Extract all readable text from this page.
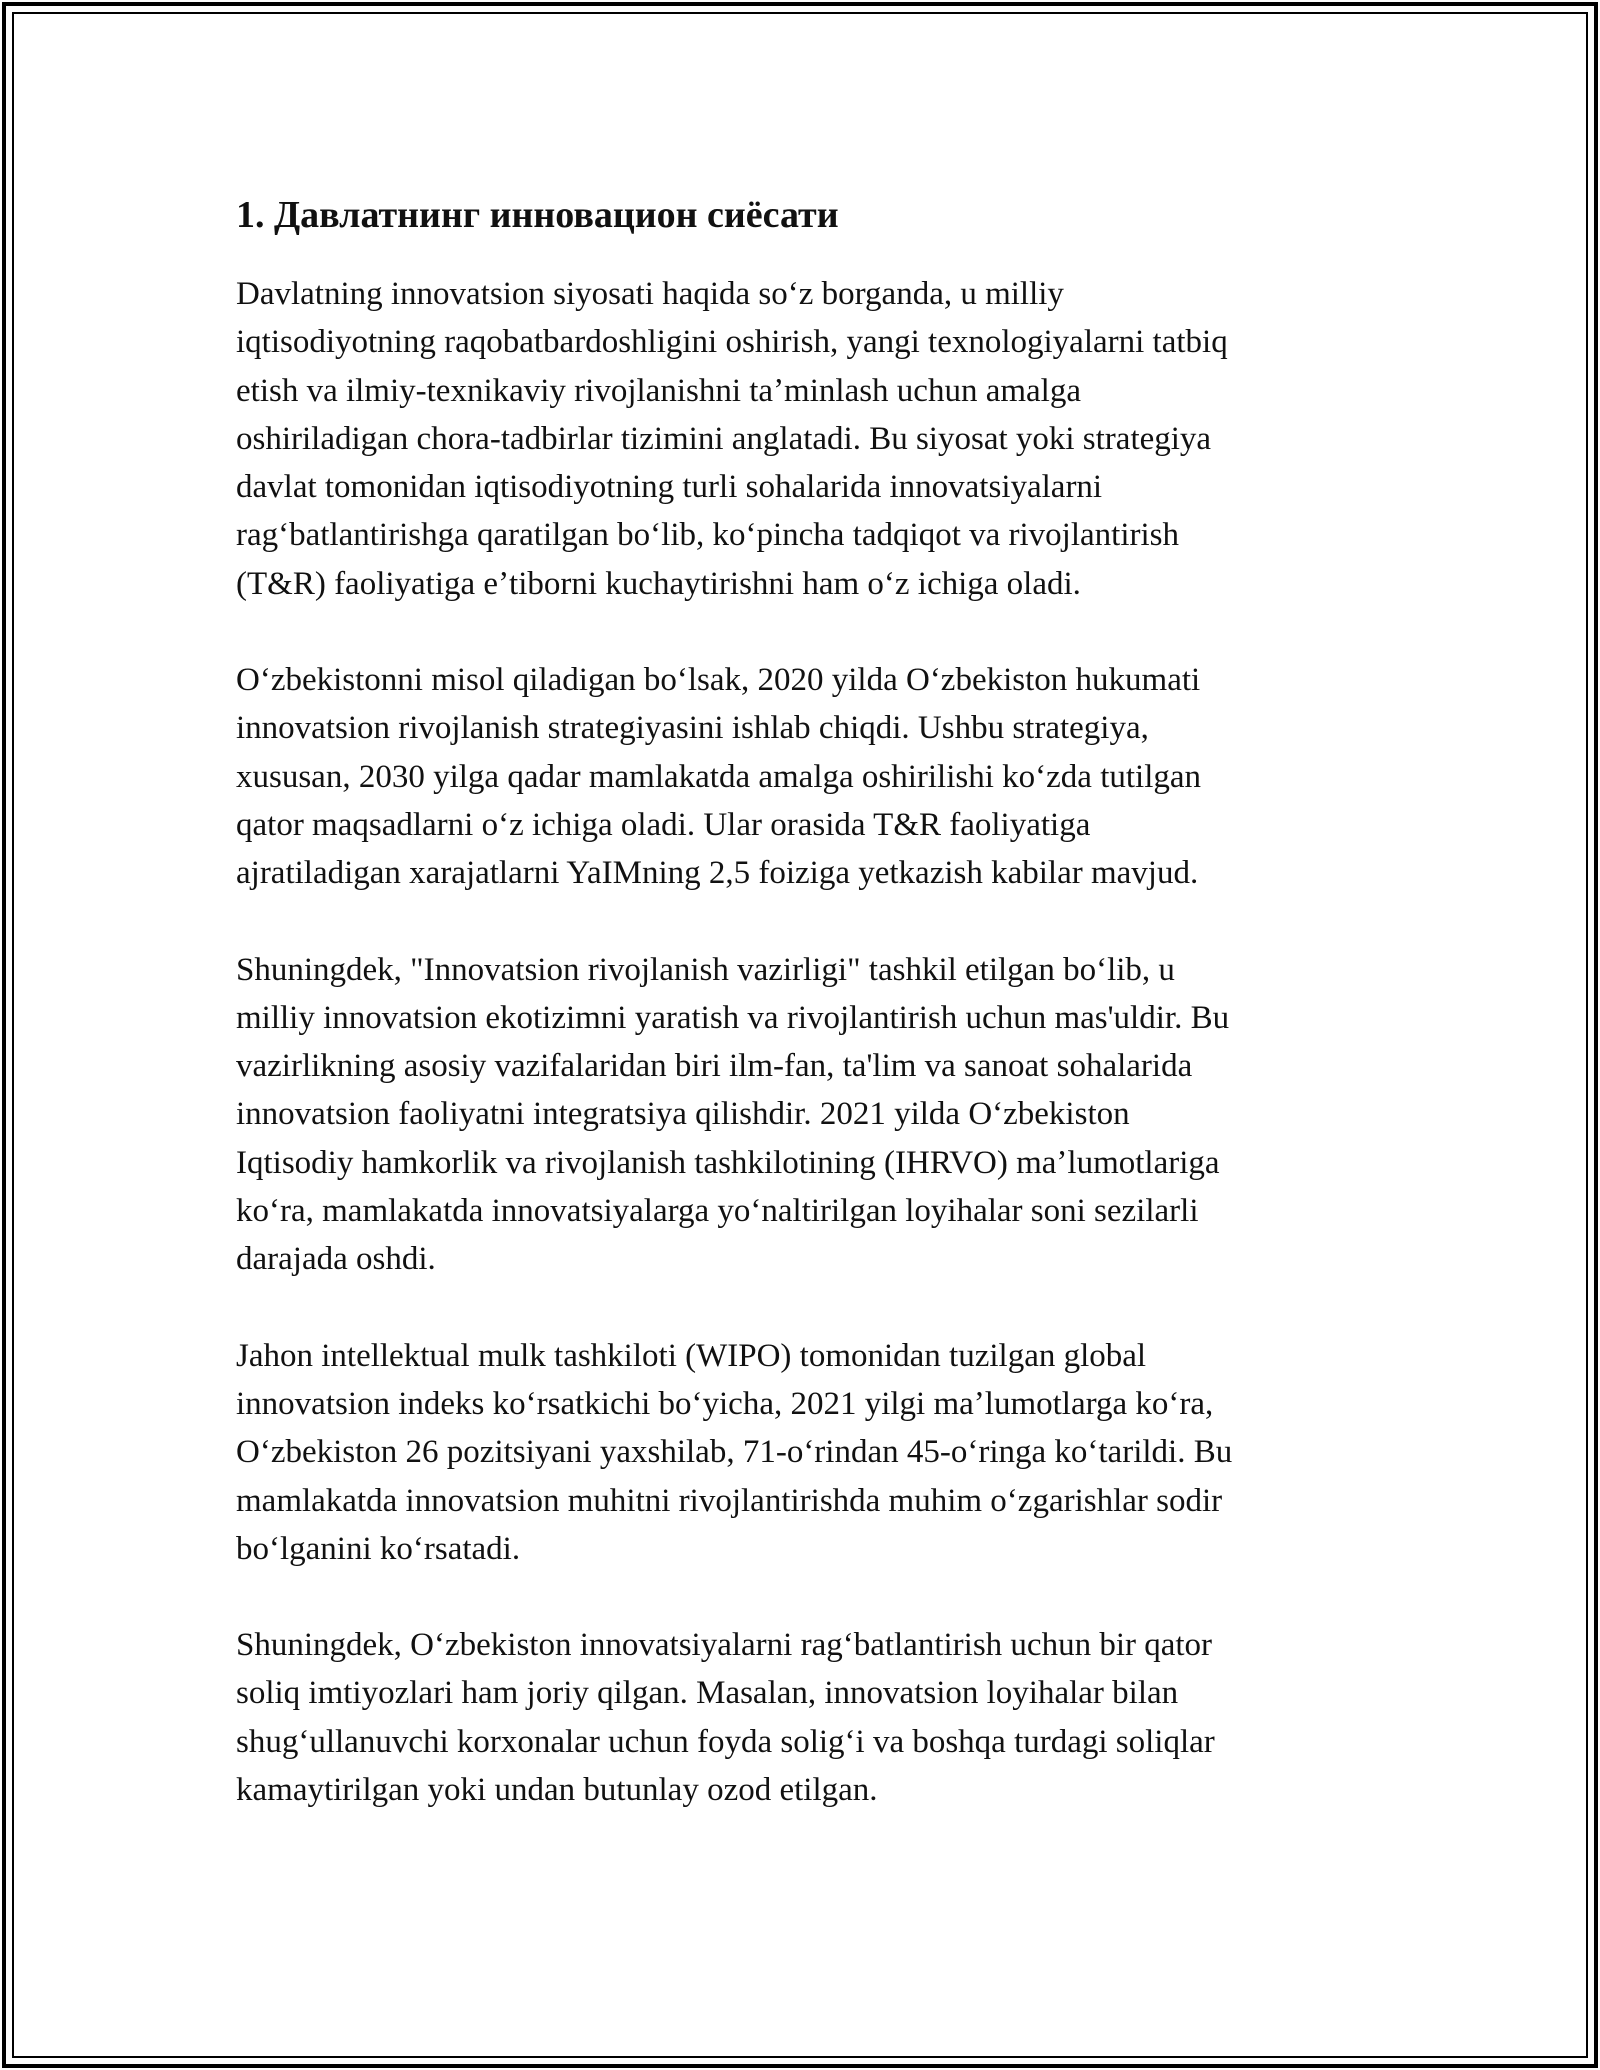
1. Давлатнинг инновацион сиёсати

Davlatning innovatsion siyosati haqida soʻz borganda, u milliy
iqtisodiyotning raqobatbardoshligini oshirish, yangi texnologiyalarni tatbiq
etish va ilmiy-texnikaviy rivojlanishni taʼminlash uchun amalga
oshiriladigan chora-tadbirlar tizimini anglatadi. Bu siyosat yoki strategiya
davlat tomonidan iqtisodiyotning turli sohalarida innovatsiyalarni
ragʻbatlantirishga qaratilgan boʻlib, koʻpincha tadqiqot va rivojlantirish
(T&R) faoliyatiga eʼtiborni kuchaytirishni ham oʻz ichiga oladi.

Oʻzbekistonni misol qiladigan boʻlsak, 2020 yilda Oʻzbekiston hukumati
innovatsion rivojlanish strategiyasini ishlab chiqdi. Ushbu strategiya,
xususan, 2030 yilga qadar mamlakatda amalga oshirilishi koʻzda tutilgan
qator maqsadlarni oʻz ichiga oladi. Ular orasida T&R faoliyatiga
ajratiladigan xarajatlarni YaIMning 2,5 foiziga yetkazish kabilar mavjud.

Shuningdek, "Innovatsion rivojlanish vazirligi" tashkil etilgan boʻlib, u
milliy innovatsion ekotizimni yaratish va rivojlantirish uchun mas'uldir. Bu
vazirlikning asosiy vazifalaridan biri ilm-fan, ta'lim va sanoat sohalarida
innovatsion faoliyatni integratsiya qilishdir. 2021 yilda Oʻzbekiston
Iqtisodiy hamkorlik va rivojlanish tashkilotining (IHRVO) maʼlumotlariga
koʻra, mamlakatda innovatsiyalarga yoʻnaltirilgan loyihalar soni sezilarli
darajada oshdi.

Jahon intellektual mulk tashkiloti (WIPO) tomonidan tuzilgan global
innovatsion indeks koʻrsatkichi boʻyicha, 2021 yilgi maʼlumotlarga koʻra,
Oʻzbekiston 26 pozitsiyani yaxshilab, 71-oʻrindan 45-oʻringa koʻtarildi. Bu
mamlakatda innovatsion muhitni rivojlantirishda muhim oʻzgarishlar sodir
boʻlganini koʻrsatadi.

Shuningdek, Oʻzbekiston innovatsiyalarni ragʻbatlantirish uchun bir qator
soliq imtiyozlari ham joriy qilgan. Masalan, innovatsion loyihalar bilan
shugʻullanuvchi korxonalar uchun foyda soligʻi va boshqa turdagi soliqlar
kamaytirilgan yoki undan butunlay ozod etilgan.
